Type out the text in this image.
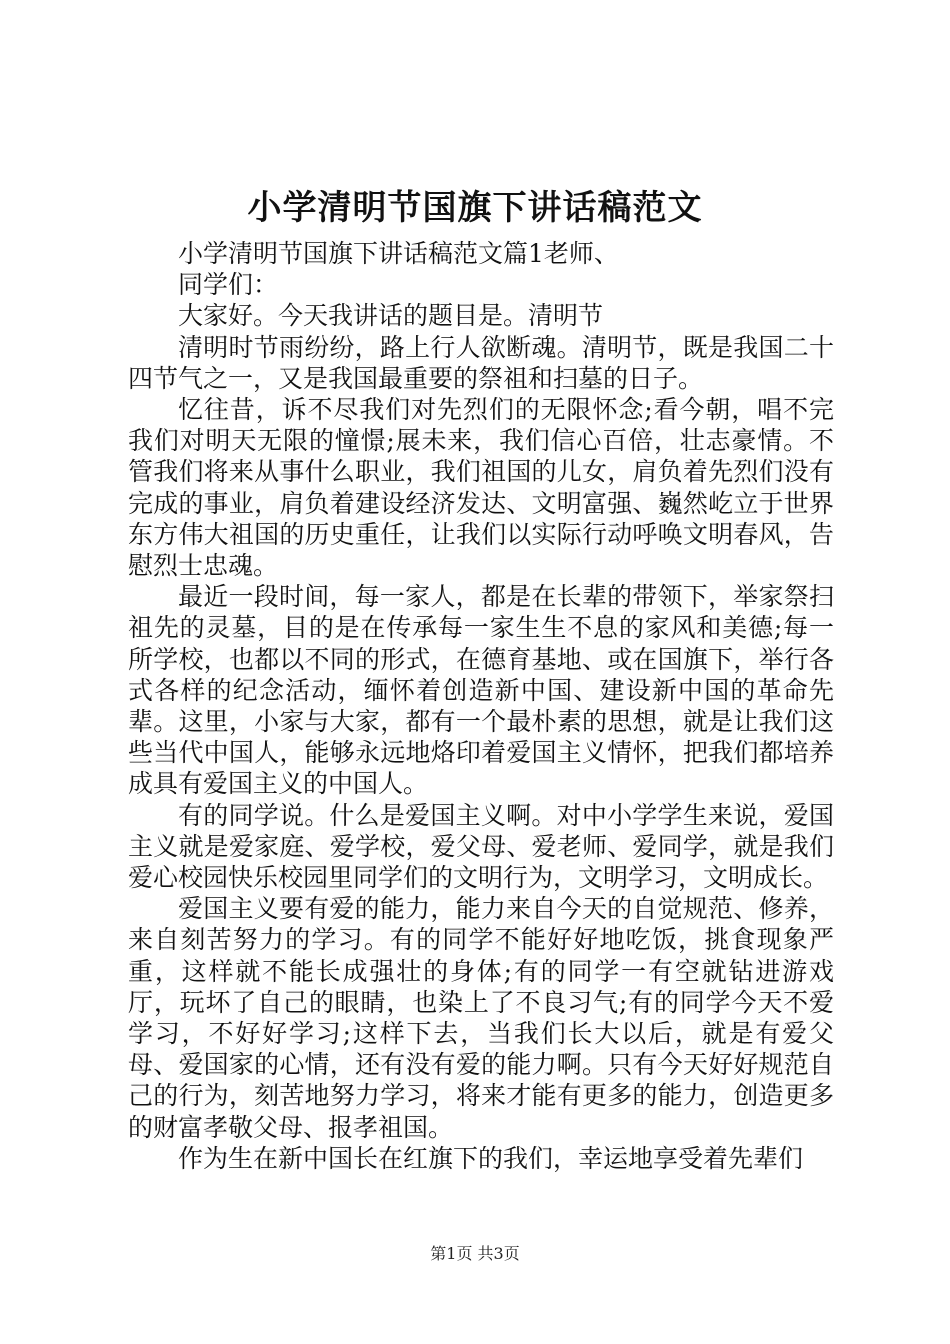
小学清明节国旗下讲话稿范文

小学清明节国旗下讲话稿范文篇1老师、

同学们：

大家好。今天我讲话的题目是。清明节

清明时节雨纷纷，路上行人欲断魂。清明节，既是我国二十四节气之一，又是我国最重要的祭祖和扫墓的日子。

忆往昔，诉不尽我们对先烈们的无限怀念;看今朝，唱不完我们对明天无限的憧憬;展未来，我们信心百倍，壮志豪情。不管我们将来从事什么职业，我们祖国的儿女，肩负着先烈们没有完成的事业，肩负着建设经济发达、文明富强、巍然屹立于世界东方伟大祖国的历史重任，让我们以实际行动呼唤文明春风，告慰烈士忠魂。

最近一段时间，每一家人，都是在长辈的带领下，举家祭扫祖先的灵墓，目的是在传承每一家生生不息的家风和美德;每一所学校，也都以不同的形式，在德育基地、或在国旗下，举行各式各样的纪念活动，缅怀着创造新中国、建设新中国的革命先辈。这里，小家与大家，都有一个最朴素的思想，就是让我们这些当代中国人，能够永远地烙印着爱国主义情怀，把我们都培养成具有爱国主义的中国人。

有的同学说。什么是爱国主义啊。对中小学学生来说，爱国主义就是爱家庭、爱学校，爱父母、爱老师、爱同学，就是我们爱心校园快乐校园里同学们的文明行为，文明学习，文明成长。

爱国主义要有爱的能力，能力来自今天的自觉规范、修养，来自刻苦努力的学习。有的同学不能好好地吃饭，挑食现象严重，这样就不能长成强壮的身体;有的同学一有空就钻进游戏厅，玩坏了自己的眼睛，也染上了不良习气;有的同学今天不爱学习，不好好学习;这样下去，当我们长大以后，就是有爱父母、爱国家的心情，还有没有爱的能力啊。只有今天好好规范自己的行为，刻苦地努力学习，将来才能有更多的能力，创造更多的财富孝敬父母、报孝祖国。

作为生在新中国长在红旗下的我们，幸运地享受着先辈们

第1页 共3页
